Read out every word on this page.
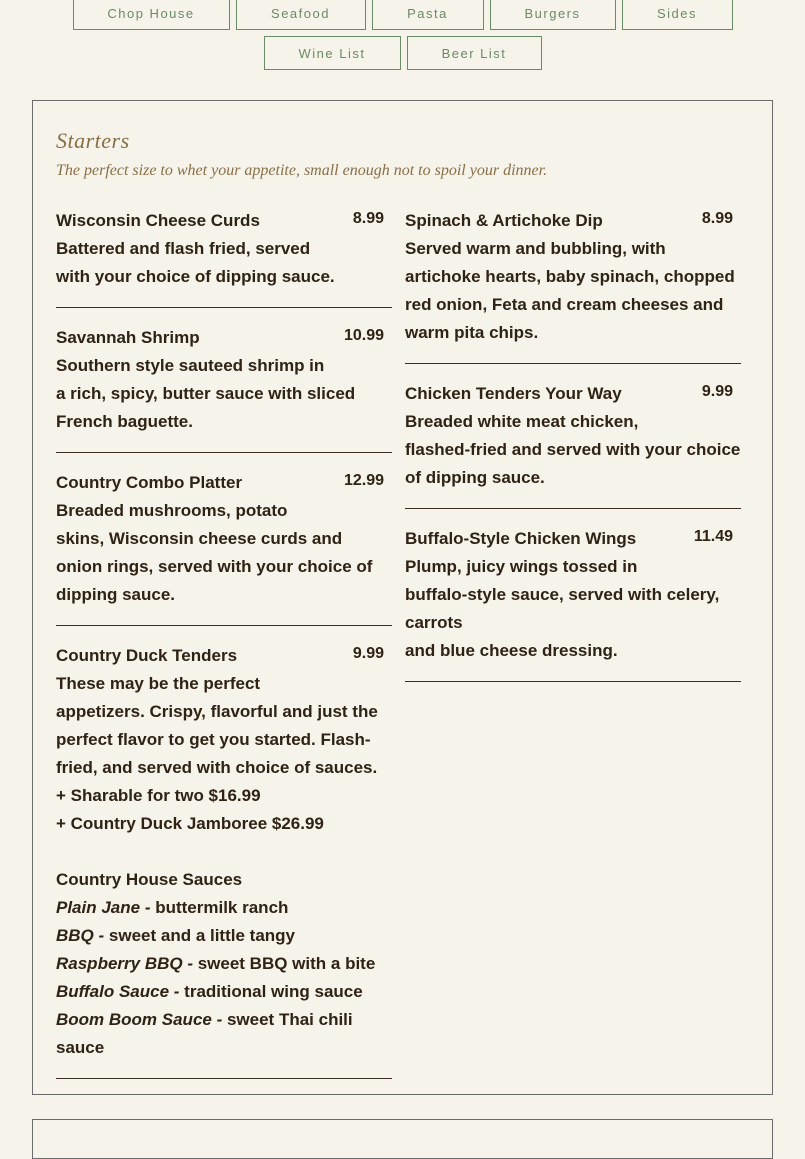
Chop House	Seafood	Pasta	Burgers	Sides
Wine List	Beer List
Starters
The perfect size to whet your appetite, small enough not to spoil your dinner.
Wisconsin Cheese Curds	8.99
Battered and flash fried, served
with your choice of dipping sauce.
Savannah Shrimp	10.99
Southern style sauteed shrimp in
a rich, spicy, butter sauce with sliced
French baguette.
Country Combo Platter	12.99
Breaded mushrooms, potato
skins, Wisconsin cheese curds and
onion rings, served with your choice of
dipping sauce.
Country Duck Tenders	9.99
These may be the perfect
appetizers. Crispy, flavorful and just the
perfect flavor to get you started. Flash-
fried, and served with choice of sauces.
+ Sharable for two $16.99
+ Country Duck Jamboree $26.99
Country House Sauces
Plain Jane - buttermilk ranch
BBQ - sweet and a little tangy
Raspberry BBQ - sweet BBQ with a bite
Buffalo Sauce - traditional wing sauce
Boom Boom Sauce - sweet Thai chili
sauce
Spinach & Artichoke Dip	8.99
Served warm and bubbling, with
artichoke hearts, baby spinach, chopped
red onion, Feta and cream cheeses and
warm pita chips.
Chicken Tenders Your Way	9.99
Breaded white meat chicken,
flashed-fried and served with your choice
of dipping sauce.
Buffalo-Style Chicken Wings	11.49
Plump, juicy wings tossed in
buffalo-style sauce, served with celery,
carrots
and blue cheese dressing.
